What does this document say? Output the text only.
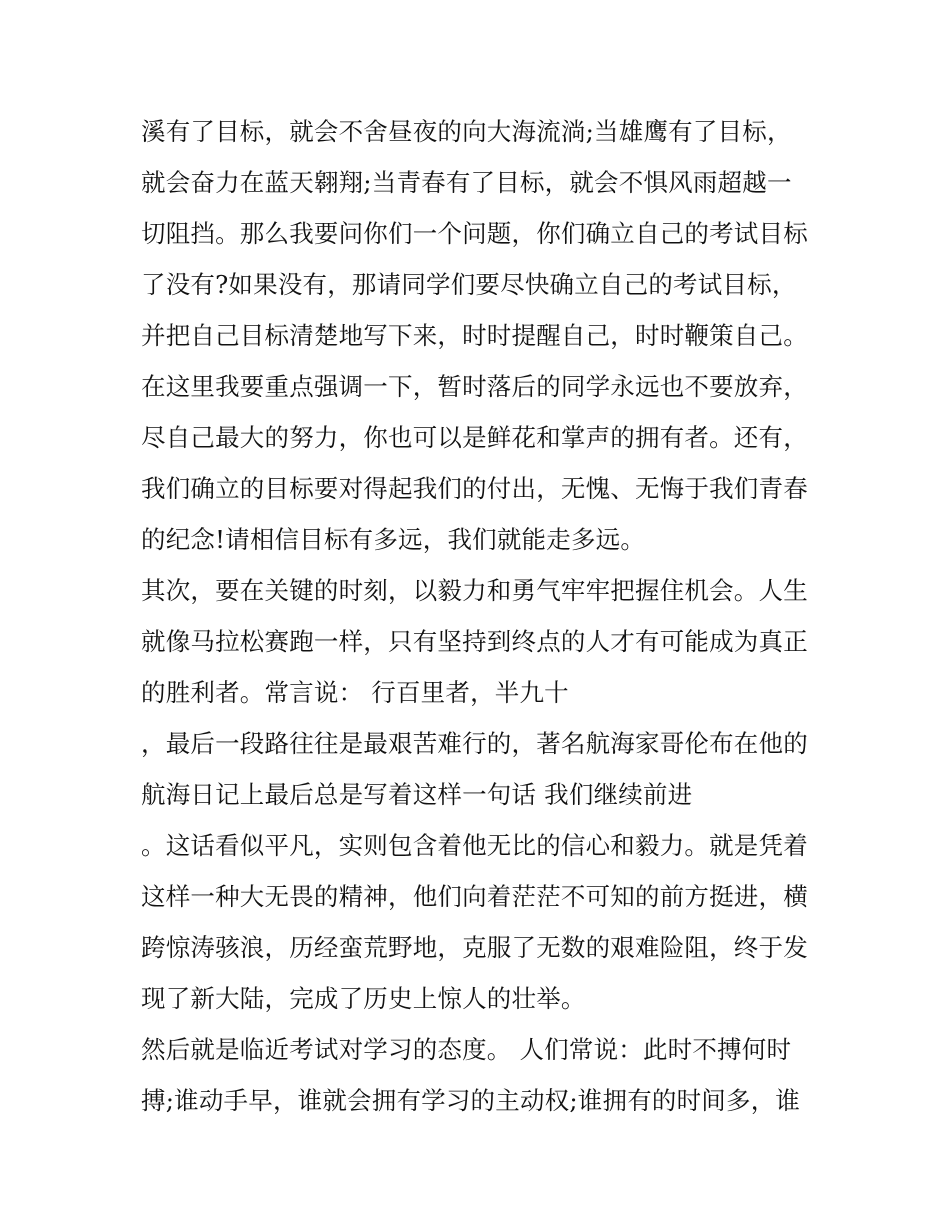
溪有了目标，就会不舍昼夜的向大海流淌;当雄鹰有了目标，
就会奋力在蓝天翱翔;当青春有了目标，就会不惧风雨超越一
切阻挡。那么我要问你们一个问题，你们确立自己的考试目标
了没有?如果没有，那请同学们要尽快确立自己的考试目标，
并把自己目标清楚地写下来，时时提醒自己，时时鞭策自己。
在这里我要重点强调一下，暂时落后的同学永远也不要放弃，
尽自己最大的努力，你也可以是鲜花和掌声的拥有者。还有，
我们确立的目标要对得起我们的付出，无愧、无悔于我们青春
的纪念!请相信目标有多远，我们就能走多远。
其次，要在关键的时刻，以毅力和勇气牢牢把握住机会。人生
就像马拉松赛跑一样，只有坚持到终点的人才有可能成为真正
的胜利者。常言说： 行百里者，半九十
，最后一段路往往是最艰苦难行的，著名航海家哥伦布在他的
航海日记上最后总是写着这样一句话 我们继续前进
。这话看似平凡，实则包含着他无比的信心和毅力。就是凭着
这样一种大无畏的精神，他们向着茫茫不可知的前方挺进，横
跨惊涛骇浪，历经蛮荒野地，克服了无数的艰难险阻，终于发
现了新大陆，完成了历史上惊人的壮举。
然后就是临近考试对学习的态度。 人们常说：此时不搏何时
搏;谁动手早，谁就会拥有学习的主动权;谁拥有的时间多，谁
